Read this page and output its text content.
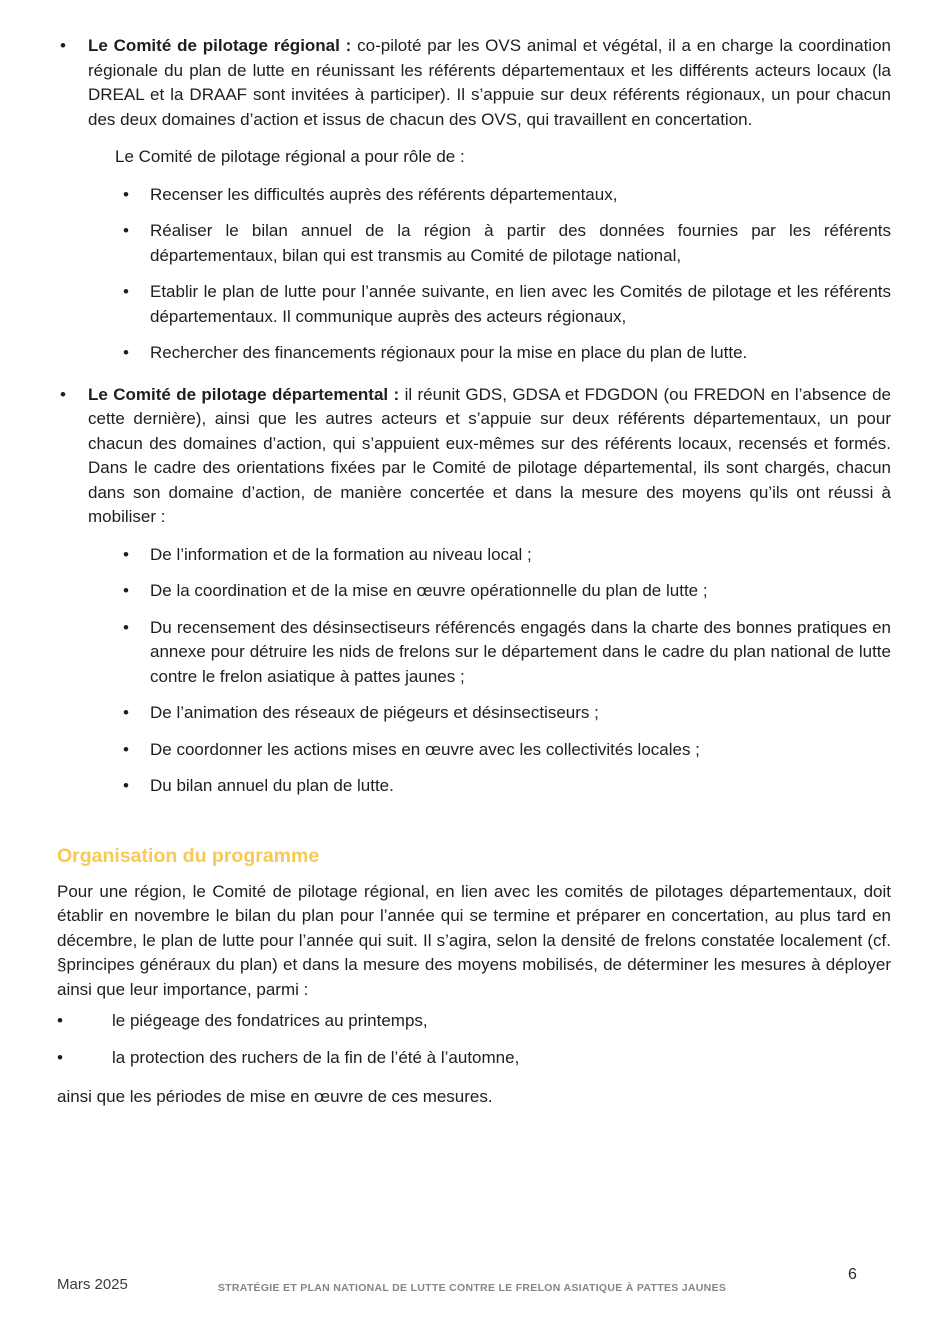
•	Le Comité de pilotage régional : co-piloté par les OVS animal et végétal, il a en charge la coordination régionale du plan de lutte en réunissant les référents départementaux et les différents acteurs locaux (la DREAL et la DRAAF sont invitées à participer). Il s’appuie sur deux référents régionaux, un pour chacun des deux domaines d’action et issus de chacun des OVS, qui travaillent en concertation.

Le Comité de pilotage régional a pour rôle de :

•	Recenser les difficultés auprès des référents départementaux,

•	Réaliser le bilan annuel de la région à partir des données fournies par les référents départementaux, bilan qui est transmis au Comité de pilotage national,

•	Etablir le plan de lutte pour l’année suivante, en lien avec les Comités de pilotage et les référents départementaux. Il communique auprès des acteurs régionaux,

•	Rechercher des financements régionaux pour la mise en place du plan de lutte.

•	Le Comité de pilotage départemental : il réunit GDS, GDSA et FDGDON (ou FREDON en l’absence de cette dernière), ainsi que les autres acteurs et s’appuie sur deux référents départementaux, un pour chacun des domaines d’action, qui s’appuient eux-mêmes sur des référents locaux, recensés et formés. Dans le cadre des orientations fixées par le Comité de pilotage départemental, ils sont chargés, chacun dans son domaine d’action, de manière concertée et dans la mesure des moyens qu’ils ont réussi à mobiliser :

•	De l’information et de la formation au niveau local ;

•	De la coordination et de la mise en œuvre opérationnelle du plan de lutte ;

•	Du recensement des désinsectiseurs référencés engagés dans la charte des bonnes pratiques en annexe pour détruire les nids de frelons sur le département dans le cadre du plan national de lutte contre le frelon asiatique à pattes jaunes ;

•	De l’animation des réseaux de piégeurs et désinsectiseurs ;

•	De coordonner les actions mises en œuvre avec les collectivités locales ;

•	Du bilan annuel du plan de lutte.

Organisation du programme

Pour une région, le Comité de pilotage régional, en lien avec les comités de pilotages départementaux, doit établir en novembre le bilan du plan pour l’année qui se termine et préparer en concertation, au plus tard en décembre, le plan de lutte pour l’année qui suit. Il s’agira, selon la densité de frelons constatée localement (cf. §principes généraux du plan) et dans la mesure des moyens mobilisés, de déterminer les mesures à déployer ainsi que leur importance, parmi :

•	le piégeage des fondatrices au printemps,

•	la protection des ruchers de la fin de l’été à l’automne,

ainsi que les périodes de mise en œuvre de ces mesures.

Mars 2025	STRATÉGIE ET PLAN NATIONAL DE LUTTE CONTRE LE FRELON ASIATIQUE À PATTES JAUNES
6
